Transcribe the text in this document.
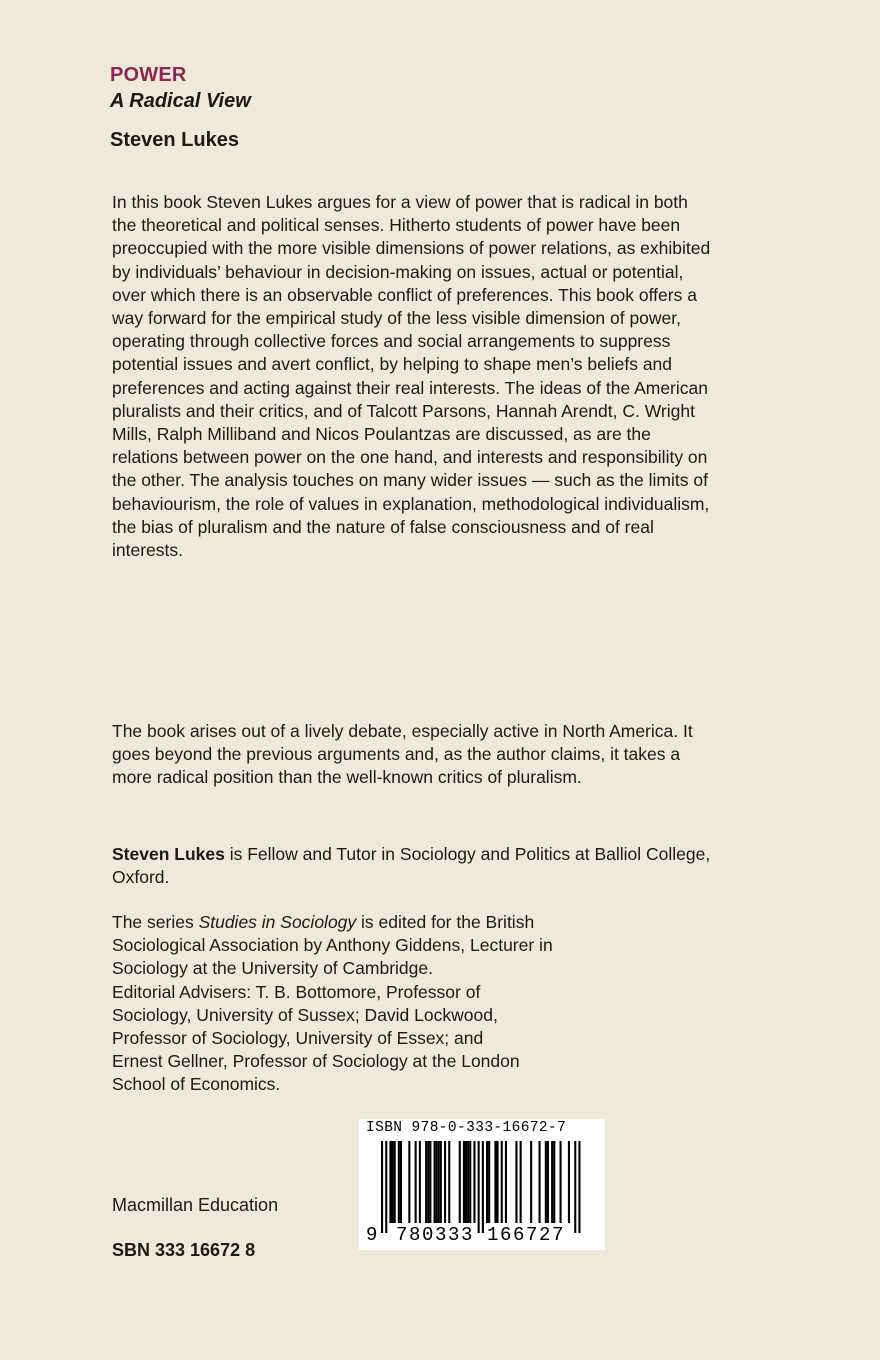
POWER
A Radical View
Steven Lukes

In this book Steven Lukes argues for a view of power that is radical in both the theoretical and political senses. Hitherto students of power have been preoccupied with the more visible dimensions of power relations, as exhibited by individuals’ behaviour in decision-making on issues, actual or potential, over which there is an observable conflict of preferences. This book offers a way forward for the empirical study of the less visible dimension of power, operating through collective forces and social arrangements to suppress potential issues and avert conflict, by helping to shape men’s beliefs and preferences and acting against their real interests. The ideas of the American pluralists and their critics, and of Talcott Parsons, Hannah Arendt, C. Wright Mills, Ralph Milliband and Nicos Poulantzas are discussed, as are the relations between power on the one hand, and interests and responsibility on the other. The analysis touches on many wider issues — such as the limits of behaviourism, the role of values in explanation, methodological individualism, the bias of pluralism and the nature of false consciousness and of real interests.

The book arises out of a lively debate, especially active in North America. It goes beyond the previous arguments and, as the author claims, it takes a more radical position than the well-known critics of pluralism.

Steven Lukes is Fellow and Tutor in Sociology and Politics at Balliol College, Oxford.

The series Studies in Sociology is edited for the British
Sociological Association by Anthony Giddens, Lecturer in
Sociology at the University of Cambridge.
Editorial Advisers: T. B. Bottomore, Professor of
Sociology, University of Sussex; David Lockwood,
Professor of Sociology, University of Essex; and
Ernest Gellner, Professor of Sociology at the London
School of Economics.

Macmillan Education
SBN 333 16672 8
ISBN 978-0-333-16672-7
9 780333 166727
